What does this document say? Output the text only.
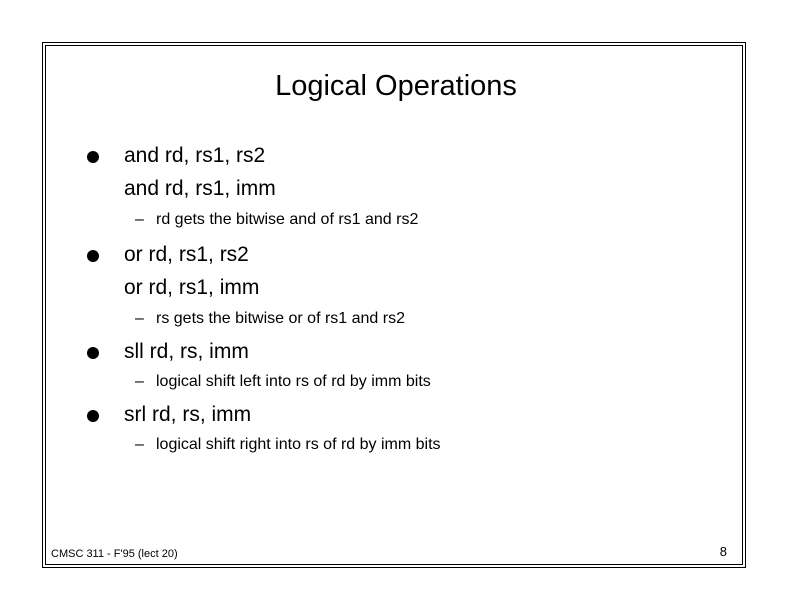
Logical Operations
and rd, rs1, rs2
and rd, rs1, imm
– rd gets the bitwise and of rs1 and rs2
or rd, rs1, rs2
or rd, rs1, imm
– rs gets the bitwise or of rs1 and rs2
sll rd, rs, imm
– logical shift left into rs of rd by imm bits
srl rd, rs, imm
– logical shift right into rs of rd by imm bits
CMSC 311 - F'95 (lect 20)	8
